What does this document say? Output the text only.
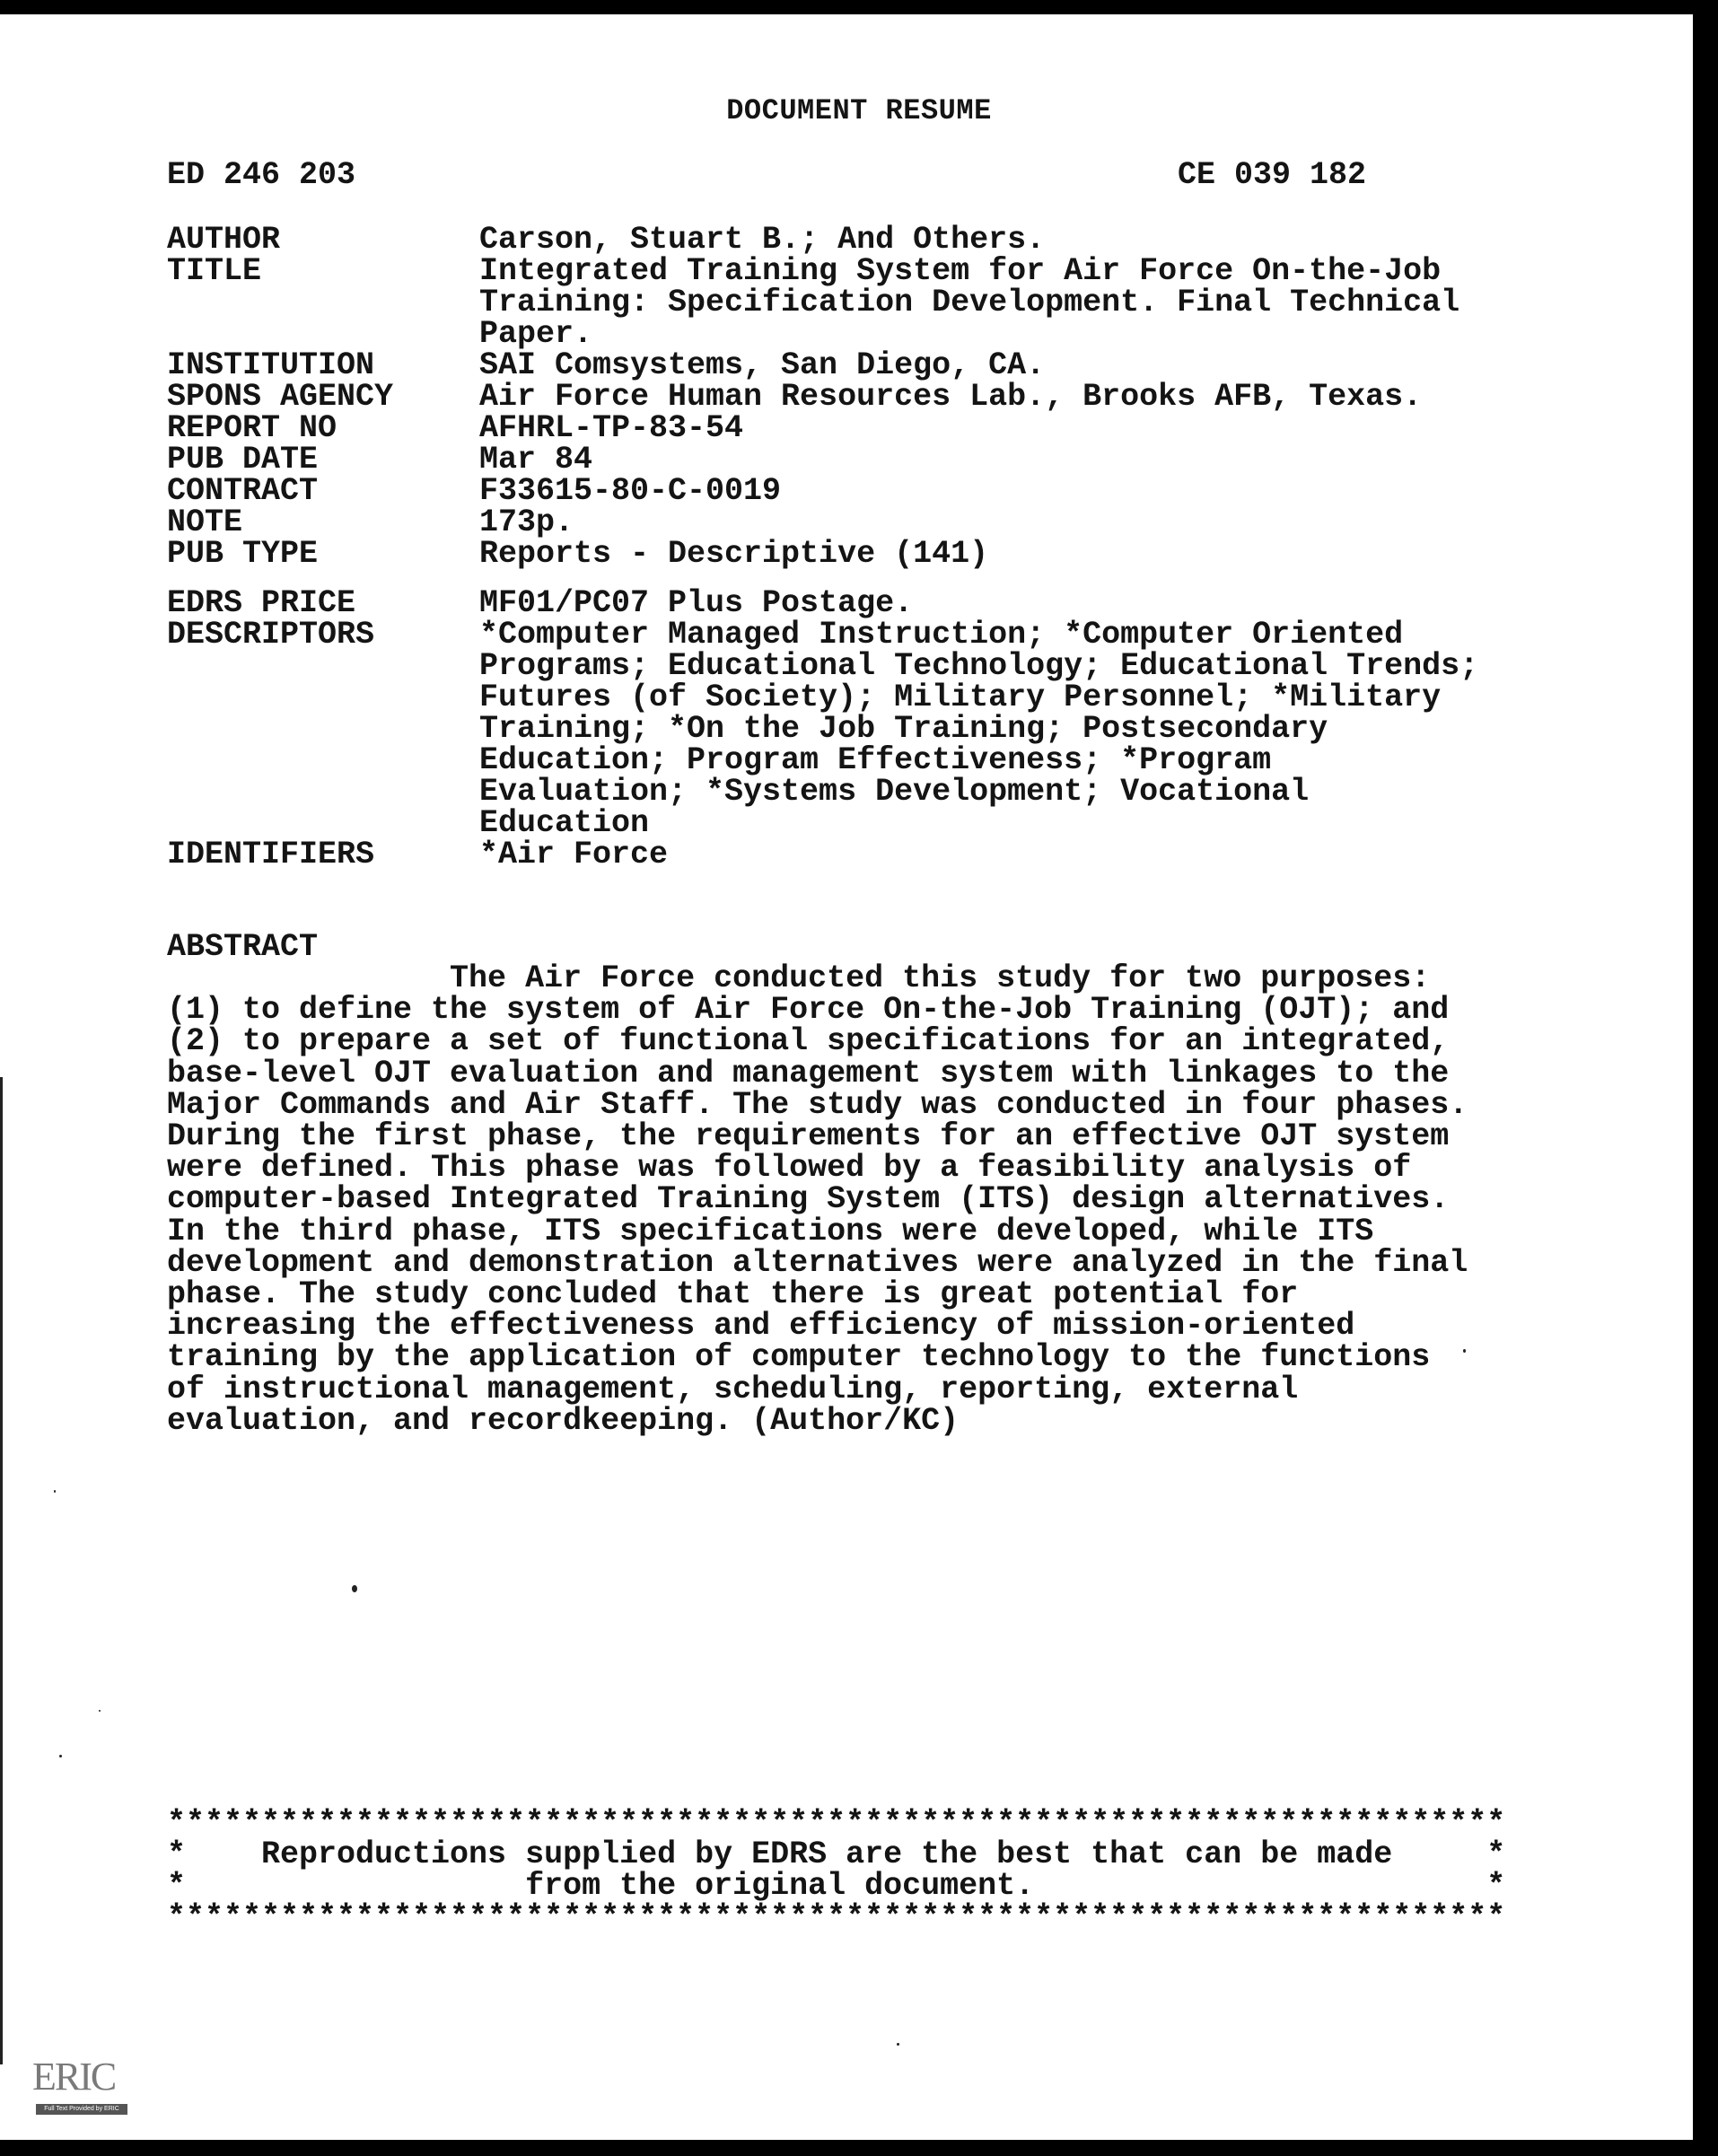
DOCUMENT RESUME
ED 246 203	CE 039 182
AUTHOR	Carson, Stuart B.; And Others.
TITLE	Integrated Training System for Air Force On-the-Job
Training: Specification Development. Final Technical
Paper.
INSTITUTION	SAI Comsystems, San Diego, CA.
SPONS AGENCY	Air Force Human Resources Lab., Brooks AFB, Texas.
REPORT NO	AFHRL-TP-83-54
PUB DATE	Mar 84
CONTRACT	F33615-80-C-0019
NOTE	173p.
PUB TYPE	Reports - Descriptive (141)
EDRS PRICE	MF01/PC07 Plus Postage.
DESCRIPTORS	*Computer Managed Instruction; *Computer Oriented
Programs; Educational Technology; Educational Trends;
Futures (of Society); Military Personnel; *Military
Training; *On the Job Training; Postsecondary
Education; Program Effectiveness; *Program
Evaluation; *Systems Development; Vocational
Education
IDENTIFIERS	*Air Force
ABSTRACT
The Air Force conducted this study for two purposes:
(1) to define the system of Air Force On-the-Job Training (OJT); and
(2) to prepare a set of functional specifications for an integrated,
base-level OJT evaluation and management system with linkages to the
Major Commands and Air Staff. The study was conducted in four phases.
During the first phase, the requirements for an effective OJT system
were defined. This phase was followed by a feasibility analysis of
computer-based Integrated Training System (ITS) design alternatives.
In the third phase, ITS specifications were developed, while ITS
development and demonstration alternatives were analyzed in the final
phase. The study concluded that there is great potential for
increasing the effectiveness and efficiency of mission-oriented
training by the application of computer technology to the functions
of instructional management, scheduling, reporting, external
evaluation, and recordkeeping. (Author/KC)
***********************************************************************
*    Reproductions supplied by EDRS are the best that can be made     *
*                  from the original document.                        *
***********************************************************************
ERIC
Full Text Provided by ERIC
